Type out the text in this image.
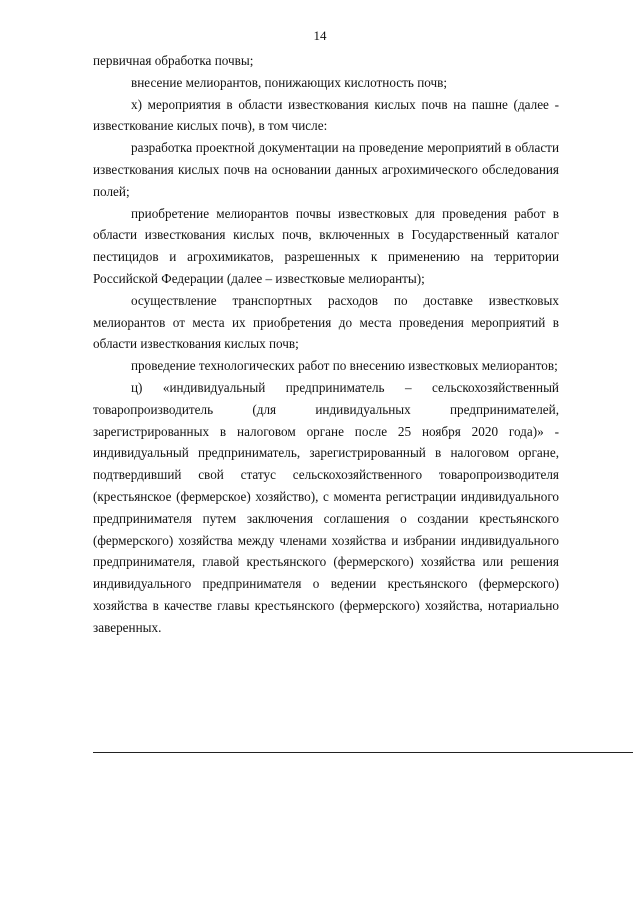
14

первичная обработка почвы;

внесение мелиорантов, понижающих кислотность почв;

х) мероприятия в области известкования кислых почв на пашне (далее - известкование кислых почв), в том числе:

разработка проектной документации на проведение мероприятий в области известкования кислых почв на основании данных агрохимического обследования полей;

приобретение мелиорантов почвы известковых для проведения работ в области известкования кислых почв, включенных в Государственный каталог пестицидов и агрохимикатов, разрешенных к применению на территории Российской Федерации (далее – известковые мелиоранты);

осуществление транспортных расходов по доставке известковых мелиорантов от места их приобретения до места проведения мероприятий в области известкования кислых почв;

проведение технологических работ по внесению известковых мелиорантов;

ц) «индивидуальный предприниматель – сельскохозяйственный товаропроизводитель (для индивидуальных предпринимателей, зарегистрированных в налоговом органе после 25 ноября 2020 года)» - индивидуальный предприниматель, зарегистрированный в налоговом органе, подтвердивший свой статус сельскохозяйственного товаропроизводителя (крестьянское (фермерское) хозяйство), с момента регистрации индивидуального предпринимателя путем заключения соглашения о создании крестьянского (фермерского) хозяйства между членами хозяйства и избрании индивидуального предпринимателя, главой крестьянского (фермерского) хозяйства или решения индивидуального предпринимателя о ведении крестьянского (фермерского) хозяйства в качестве главы крестьянского (фермерского) хозяйства, нотариально заверенных.
